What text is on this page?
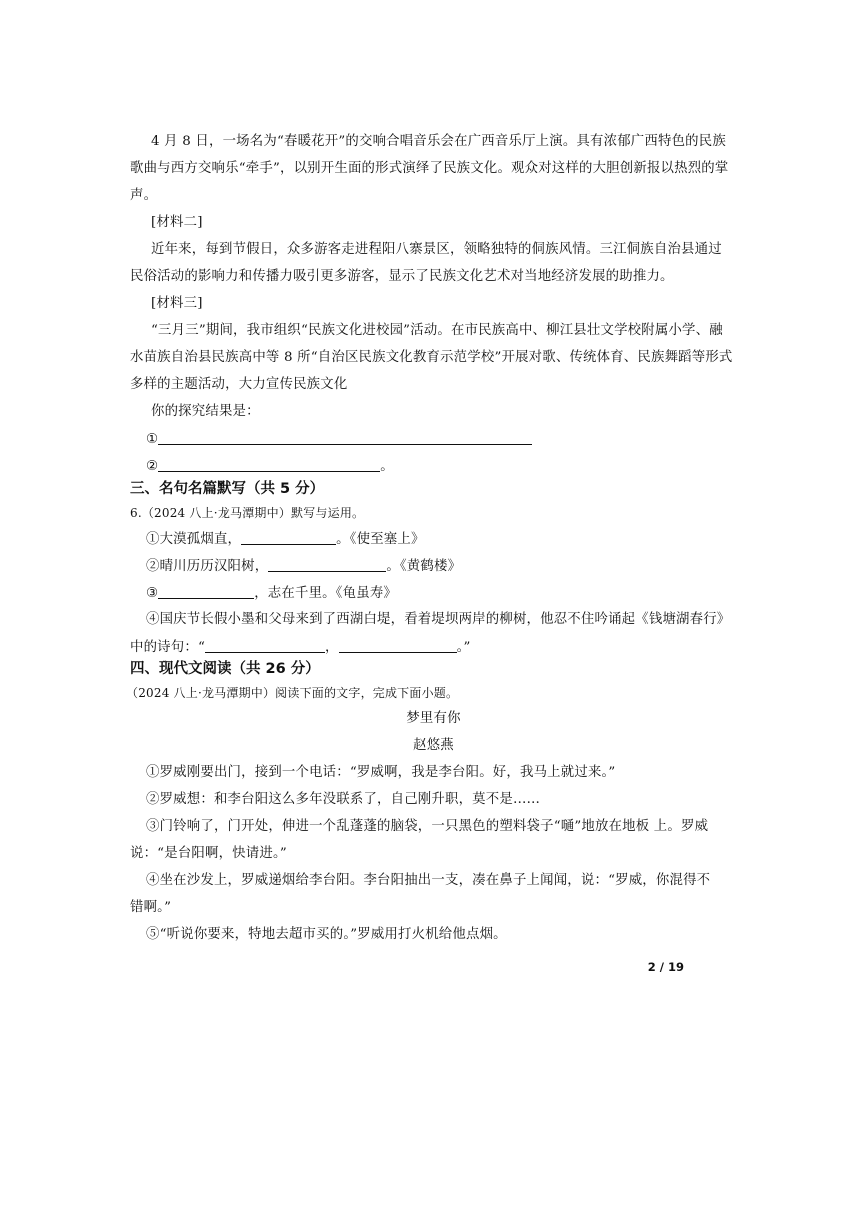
4 月 8 日，一场名为“春暖花开”的交响合唱音乐会在广西音乐厅上演。具有浓郁广西特色的民族
歌曲与西方交响乐“牵手”，以别开生面的形式演绎了民族文化。观众对这样的大胆创新报以热烈的掌
声。
[材料二]
近年来，每到节假日，众多游客走进程阳八寨景区，领略独特的侗族风情。三江侗族自治县通过
民俗活动的影响力和传播力吸引更多游客，显示了民族文化艺术对当地经济发展的助推力。
[材料三]
“三月三”期间，我市组织“民族文化进校园”活动。在市民族高中、柳江县壮文学校附属小学、融
水苗族自治县民族高中等 8 所“自治区民族文化教育示范学校”开展对歌、传统体育、民族舞蹈等形式
多样的主题活动，大力宣传民族文化
你的探究结果是：
①
②	。
三、名句名篇默写（共 5 分）
6.（2024 八上·龙马潭期中）默写与运用。
①大漠孤烟直，	。《使至塞上》
②晴川历历汉阳树，	。《黄鹤楼》
③	，志在千里。《龟虽寿》
④国庆节长假小墨和父母来到了西湖白堤，看着堤坝两岸的柳树，他忍不住吟诵起《钱塘湖春行》
中的诗句：“	，	。”
四、现代文阅读（共 26 分）
（2024 八上·龙马潭期中）阅读下面的文字，完成下面小题。
梦里有你
赵悠燕
①罗威刚要出门，接到一个电话：“罗威啊，我是李台阳。好，我马上就过来。”
②罗威想：和李台阳这么多年没联系了，自己刚升职，莫不是……
③门铃响了，门开处，伸进一个乱蓬蓬的脑袋，一只黑色的塑料袋子“嗵”地放在地板 上。罗威
说：“是台阳啊，快请进。”
④坐在沙发上，罗威递烟给李台阳。李台阳抽出一支，凑在鼻子上闻闻，说：“罗威，你混得不
错啊。”
⑤“听说你要来，特地去超市买的。”罗威用打火机给他点烟。
2 / 19
